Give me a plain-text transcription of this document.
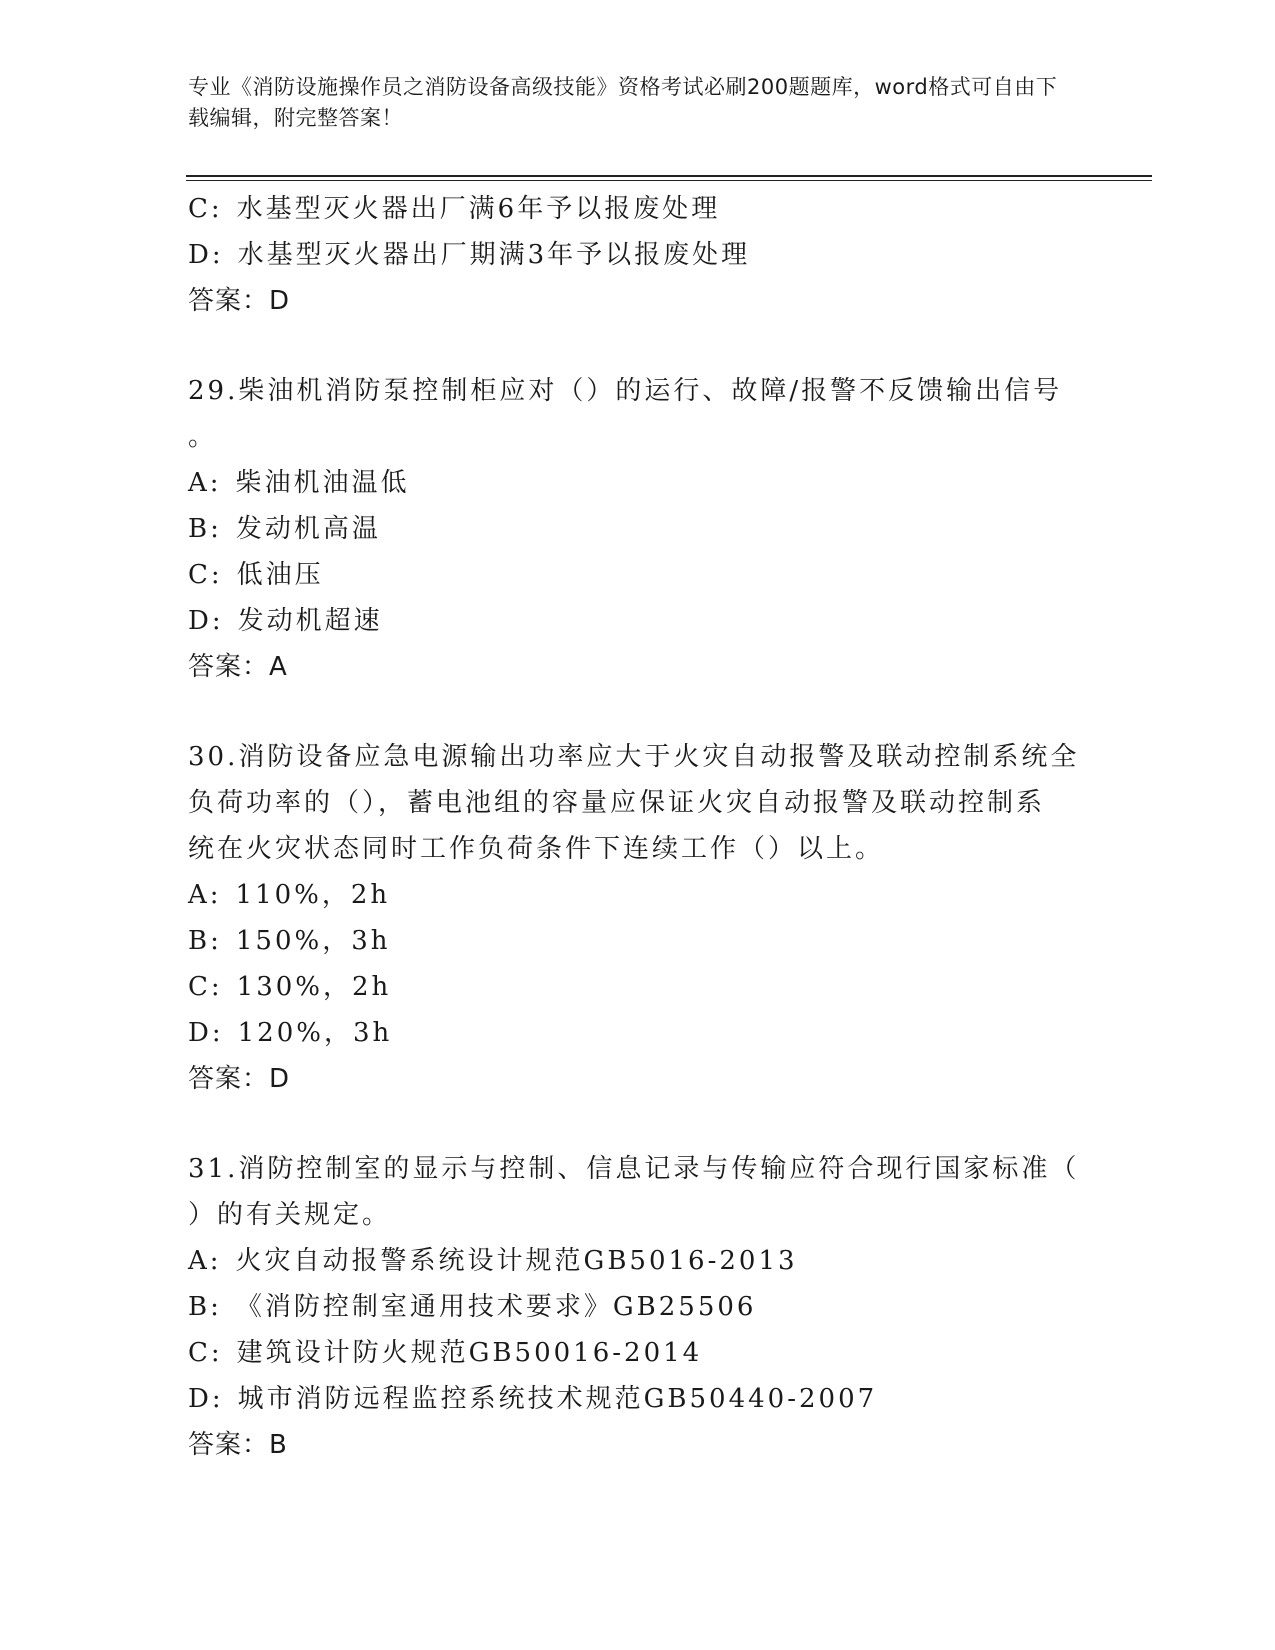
专业《消防设施操作员之消防设备高级技能》资格考试必刷200题题库，word格式可自由下载编辑，附完整答案！
C: 水基型灭火器出厂满6年予以报废处理
D: 水基型灭火器出厂期满3年予以报废处理
答案：D
29.柴油机消防泵控制柜应对（）的运行、故障/报警不反馈输出信号
。
A: 柴油机油温低
B: 发动机高温
C: 低油压
D: 发动机超速
答案：A
30.消防设备应急电源输出功率应大于火灾自动报警及联动控制系统全
负荷功率的（），蓄电池组的容量应保证火灾自动报警及联动控制系
统在火灾状态同时工作负荷条件下连续工作（）以上。
A: 110%，2h
B: 150%，3h
C: 130%，2h
D: 120%，3h
答案：D
31.消防控制室的显示与控制、信息记录与传输应符合现行国家标准（
）的有关规定。
A: 火灾自动报警系统设计规范GB5016-2013
B: 《消防控制室通用技术要求》GB25506
C: 建筑设计防火规范GB50016-2014
D: 城市消防远程监控系统技术规范GB50440-2007
答案：B
